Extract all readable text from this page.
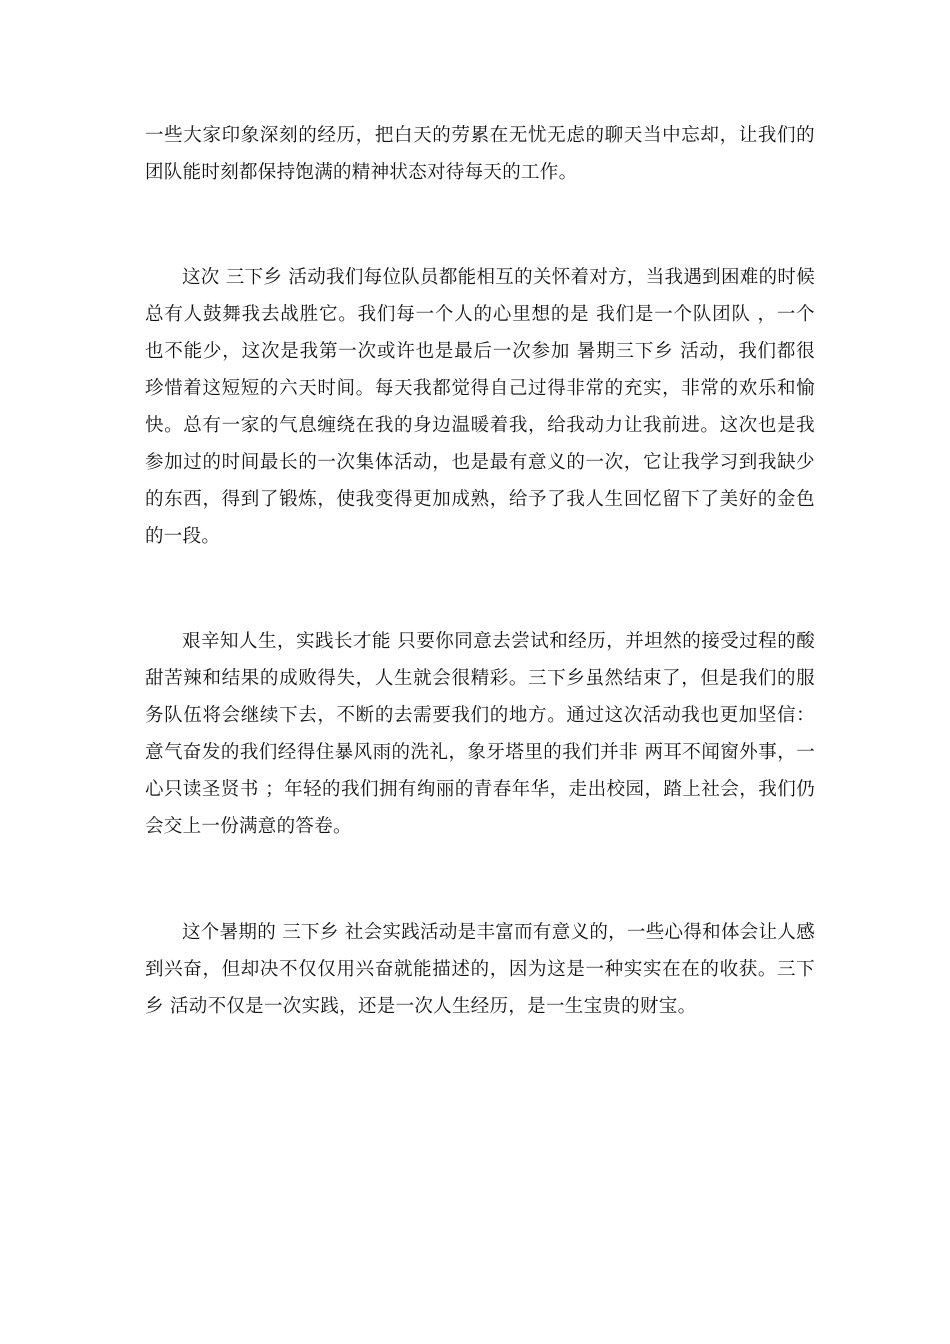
一些大家印象深刻的经历，把白天的劳累在无忧无虑的聊天当中忘却，让我们的团队能时刻都保持饱满的精神状态对待每天的工作。

这次 三下乡 活动我们每位队员都能相互的关怀着对方，当我遇到困难的时候总有人鼓舞我去战胜它。我们每一个人的心里想的是 我们是一个队团队 ，一个也不能少，这次是我第一次或许也是最后一次参加 暑期三下乡 活动，我们都很珍惜着这短短的六天时间。每天我都觉得自己过得非常的充实，非常的欢乐和愉快。总有一家的气息缠绕在我的身边温暖着我，给我动力让我前进。这次也是我参加过的时间最长的一次集体活动，也是最有意义的一次，它让我学习到我缺少的东西，得到了锻炼，使我变得更加成熟，给予了我人生回忆留下了美好的金色的一段。

艰辛知人生，实践长才能 只要你同意去尝试和经历，并坦然的接受过程的酸甜苦辣和结果的成败得失，人生就会很精彩。三下乡虽然结束了，但是我们的服务队伍将会继续下去，不断的去需要我们的地方。通过这次活动我也更加坚信：意气奋发的我们经得住暴风雨的洗礼，象牙塔里的我们并非 两耳不闻窗外事，一心只读圣贤书 ；年轻的我们拥有绚丽的青春年华，走出校园，踏上社会，我们仍会交上一份满意的答卷。

这个暑期的 三下乡 社会实践活动是丰富而有意义的，一些心得和体会让人感到兴奋，但却决不仅仅用兴奋就能描述的，因为这是一种实实在在的收获。三下乡 活动不仅是一次实践，还是一次人生经历，是一生宝贵的财宝。
